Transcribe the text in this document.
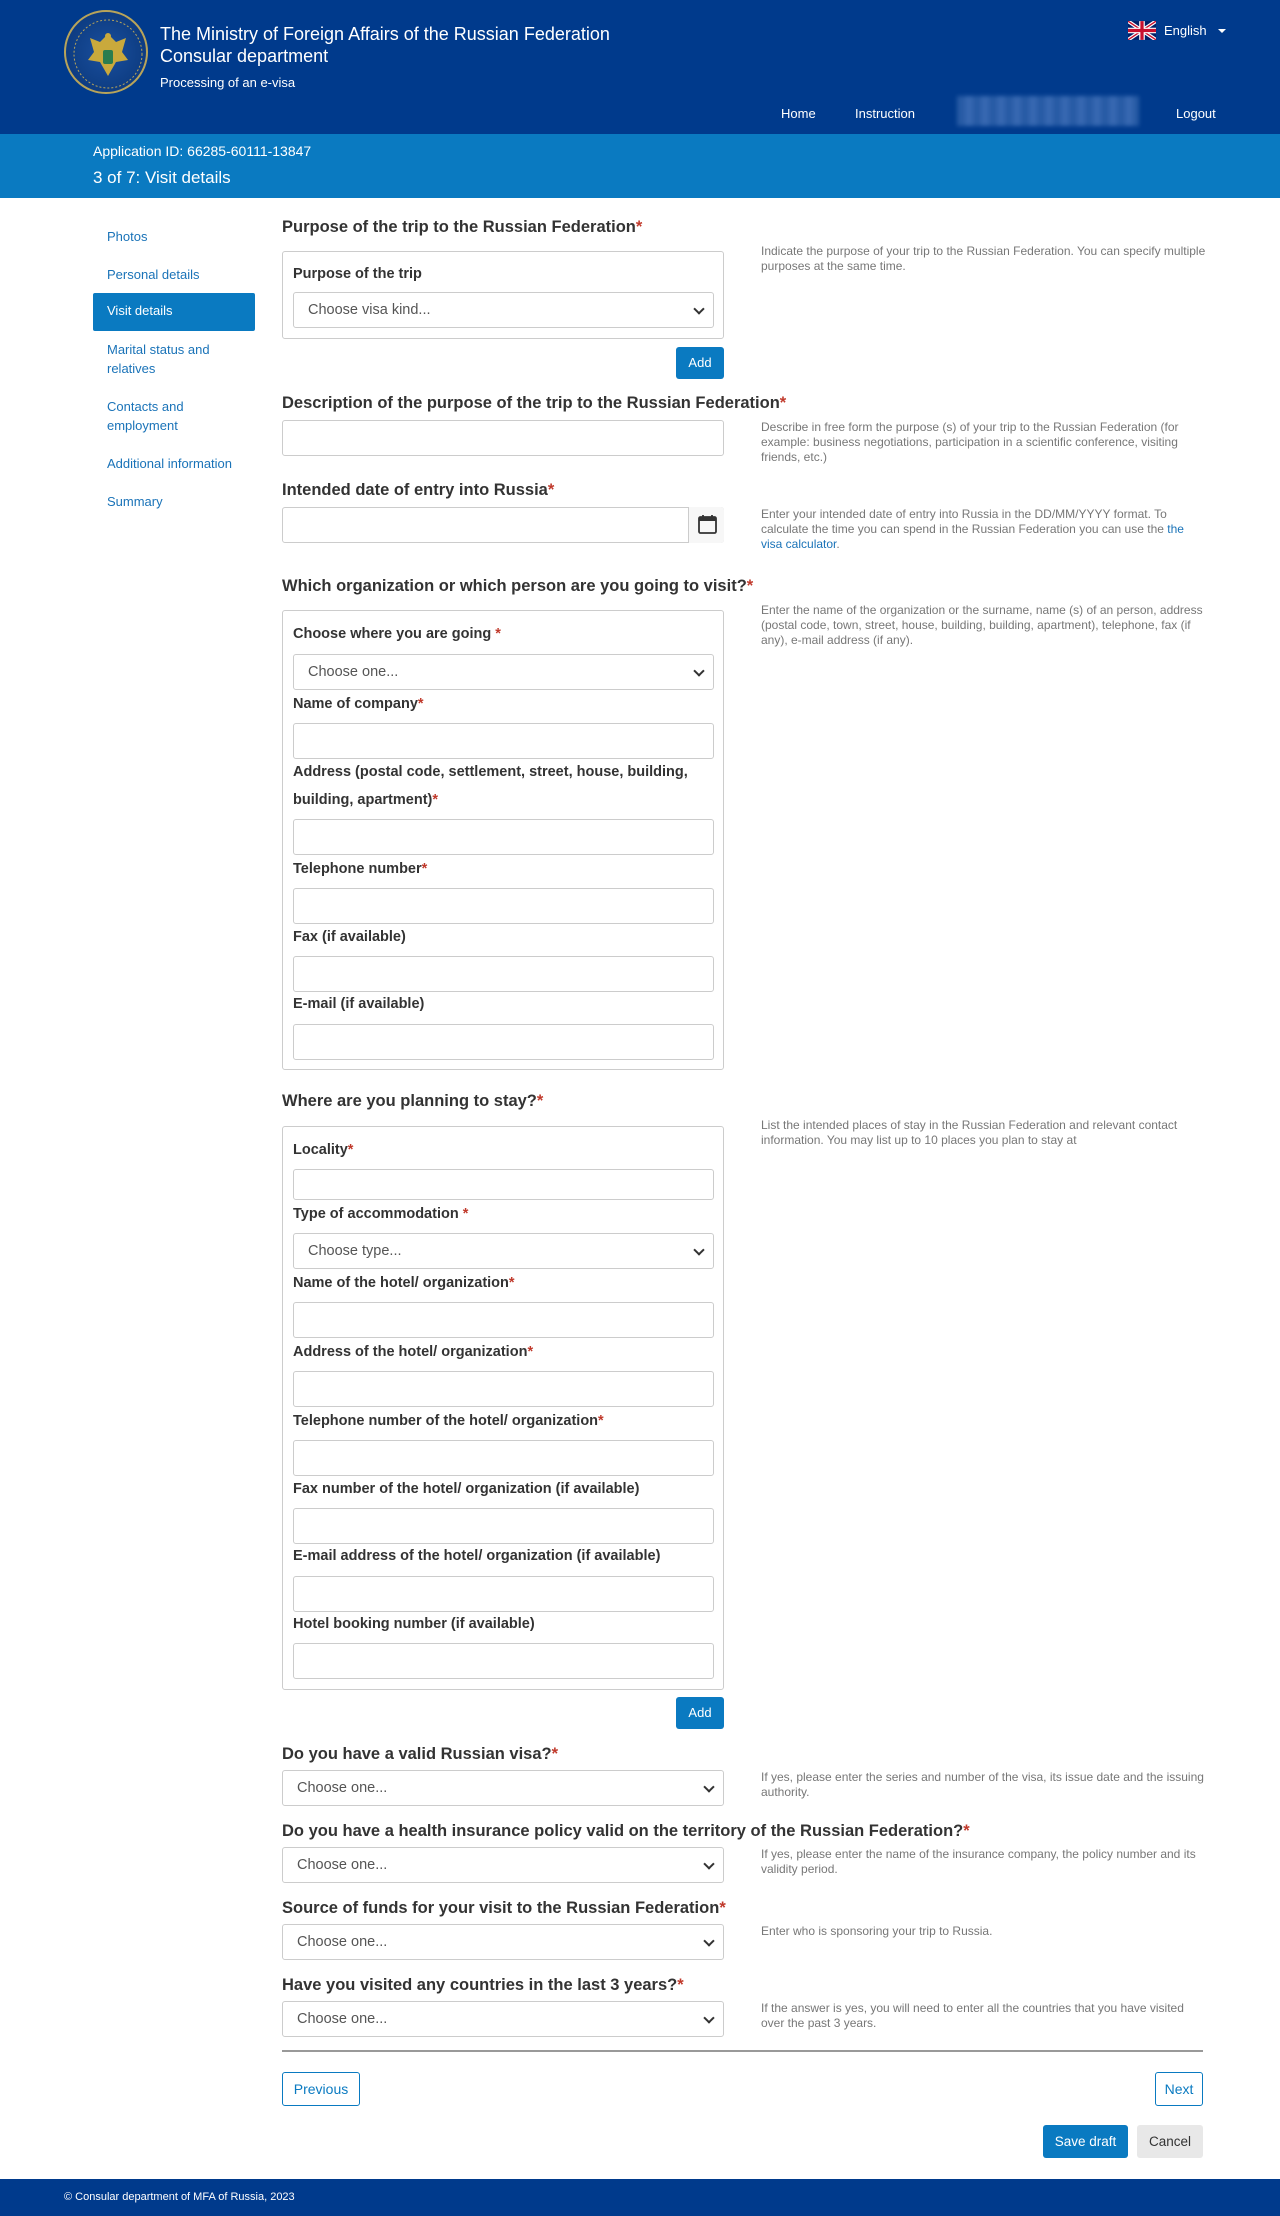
The Ministry of Foreign Affairs of the Russian Federation
Consular department
Processing of an e-visa
English
Home	Instruction	Logout
Application ID: 66285-60111-13847
3 of 7: Visit details
Photos
Personal details
Visit details
Marital status and relatives
Contacts and employment
Additional information
Summary
Purpose of the trip to the Russian Federation*
Indicate the purpose of your trip to the Russian Federation. You can specify multiple purposes at the same time.
Purpose of the trip
Choose visa kind...
Add
Description of the purpose of the trip to the Russian Federation*
Describe in free form the purpose (s) of your trip to the Russian Federation (for example: business negotiations, participation in a scientific conference, visiting friends, etc.)
Intended date of entry into Russia*
Enter your intended date of entry into Russia in the DD/MM/YYYY format. To calculate the time you can spend in the Russian Federation you can use the the visa calculator.
Which organization or which person are you going to visit?*
Enter the name of the organization or the surname, name (s) of an person, address (postal code, town, street, house, building, building, apartment), telephone, fax (if any), e-mail address (if any).
Choose where you are going *
Choose one...
Name of company*
Address (postal code, settlement, street, house, building,
building, apartment)*
Telephone number*
Fax (if available)
E-mail (if available)
Where are you planning to stay?*
List the intended places of stay in the Russian Federation and relevant contact information. You may list up to 10 places you plan to stay at
Locality*
Type of accommodation *
Choose type...
Name of the hotel/ organization*
Address of the hotel/ organization*
Telephone number of the hotel/ organization*
Fax number of the hotel/ organization (if available)
E-mail address of the hotel/ organization (if available)
Hotel booking number (if available)
Add
Do you have a valid Russian visa?*
Choose one...
If yes, please enter the series and number of the visa, its issue date and the issuing authority.
Do you have a health insurance policy valid on the territory of the Russian Federation?*
Choose one...
If yes, please enter the name of the insurance company, the policy number and its validity period.
Source of funds for your visit to the Russian Federation*
Choose one...
Enter who is sponsoring your trip to Russia.
Have you visited any countries in the last 3 years?*
Choose one...
If the answer is yes, you will need to enter all the countries that you have visited over the past 3 years.
Previous	Next
Save draft	Cancel
© Consular department of MFA of Russia, 2023
